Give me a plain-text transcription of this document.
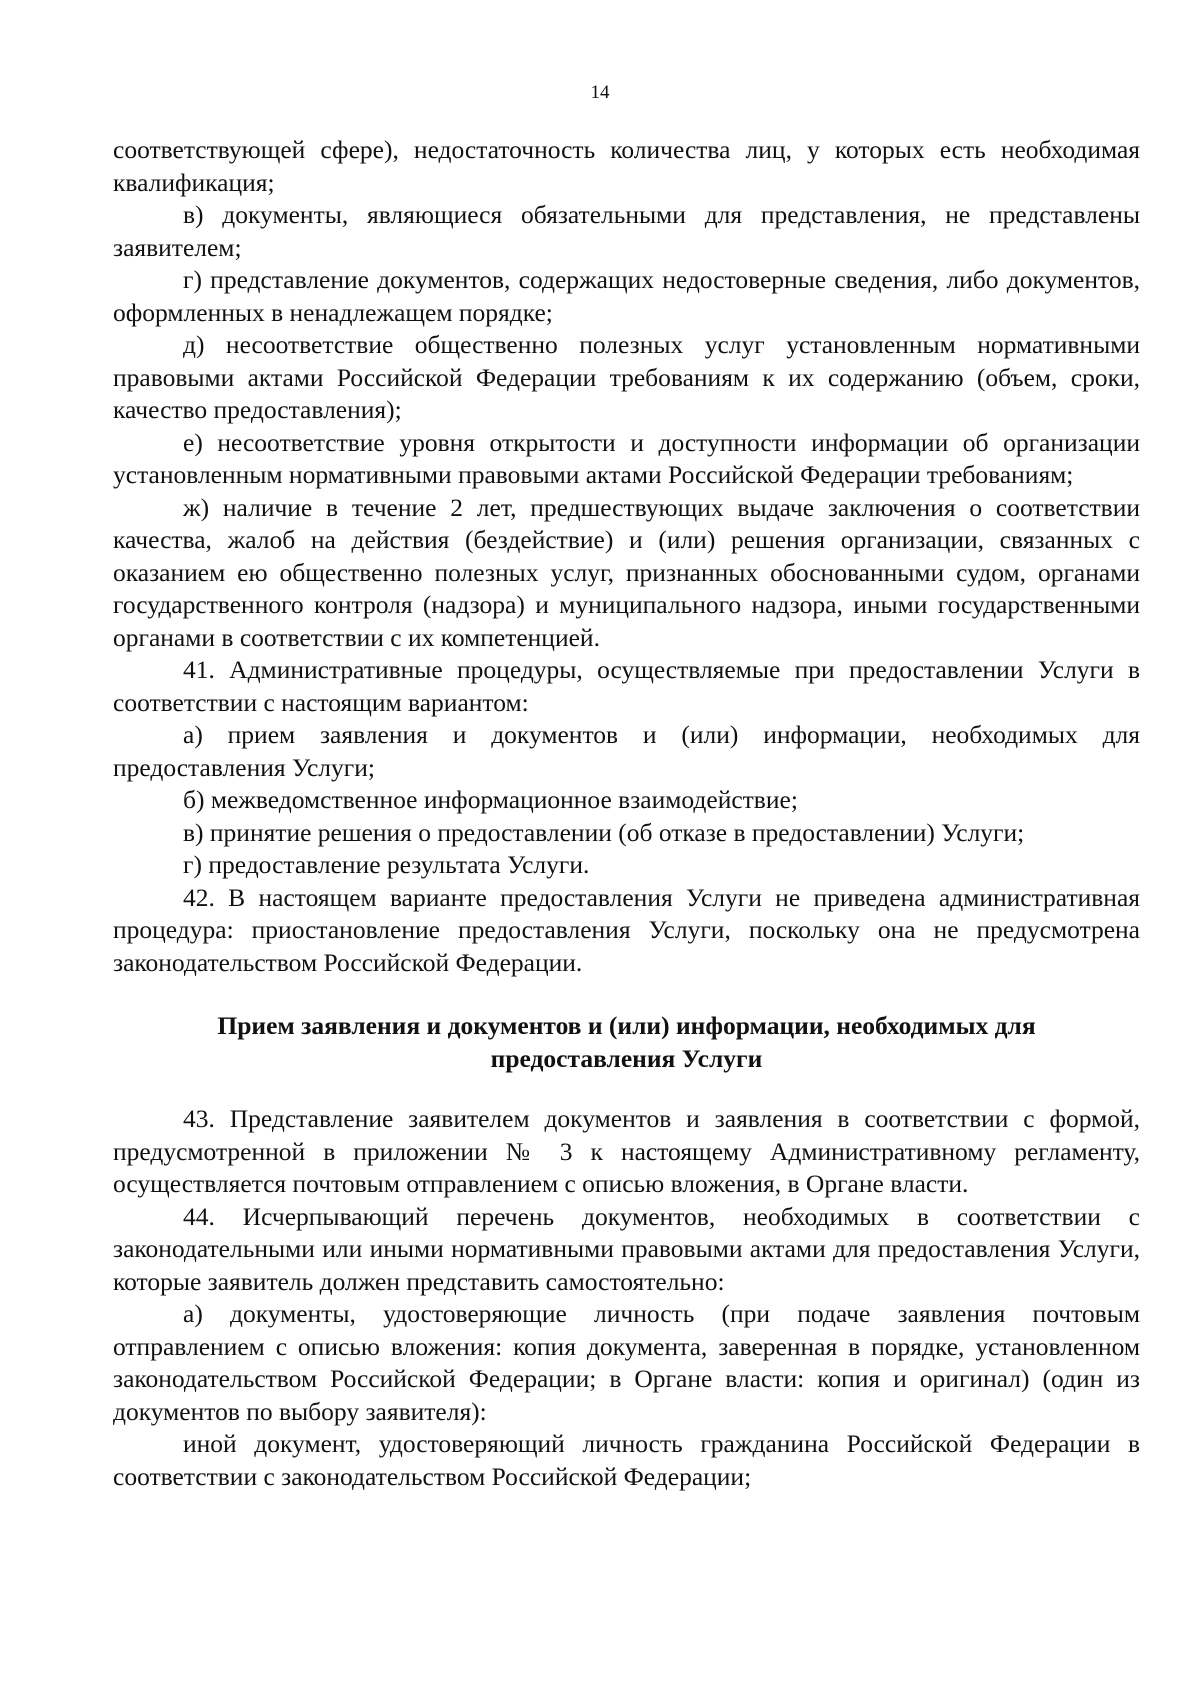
14

соответствующей сфере), недостаточность количества лиц, у которых есть необходимая квалификация;

в) документы, являющиеся обязательными для представления, не представлены заявителем;

г) представление документов, содержащих недостоверные сведения, либо документов, оформленных в ненадлежащем порядке;

д) несоответствие общественно полезных услуг установленным нормативными правовыми актами Российской Федерации требованиям к их содержанию (объем, сроки, качество предоставления);

е) несоответствие уровня открытости и доступности информации об организации установленным нормативными правовыми актами Российской Федерации требованиям;

ж) наличие в течение 2 лет, предшествующих выдаче заключения о соответствии качества, жалоб на действия (бездействие) и (или) решения организации, связанных с оказанием ею общественно полезных услуг, признанных обоснованными судом, органами государственного контроля (надзора) и муниципального надзора, иными государственными органами в соответствии с их компетенцией.

41. Административные процедуры, осуществляемые при предоставлении Услуги в соответствии с настоящим вариантом:

а) прием заявления и документов и (или) информации, необходимых для предоставления Услуги;

б) межведомственное информационное взаимодействие;

в) принятие решения о предоставлении (об отказе в предоставлении) Услуги;

г) предоставление результата Услуги.

42. В настоящем варианте предоставления Услуги не приведена административная процедура: приостановление предоставления Услуги, поскольку она не предусмотрена законодательством Российской Федерации.

Прием заявления и документов и (или) информации, необходимых для предоставления Услуги

43. Представление заявителем документов и заявления в соответствии с формой, предусмотренной в приложении № 3 к настоящему Административному регламенту, осуществляется почтовым отправлением с описью вложения, в Органе власти.

44. Исчерпывающий перечень документов, необходимых в соответствии с законодательными или иными нормативными правовыми актами для предоставления Услуги, которые заявитель должен представить самостоятельно:

а) документы, удостоверяющие личность (при подаче заявления почтовым отправлением с описью вложения: копия документа, заверенная в порядке, установленном законодательством Российской Федерации; в Органе власти: копия и оригинал) (один из документов по выбору заявителя):

иной документ, удостоверяющий личность гражданина Российской Федерации в соответствии с законодательством Российской Федерации;
